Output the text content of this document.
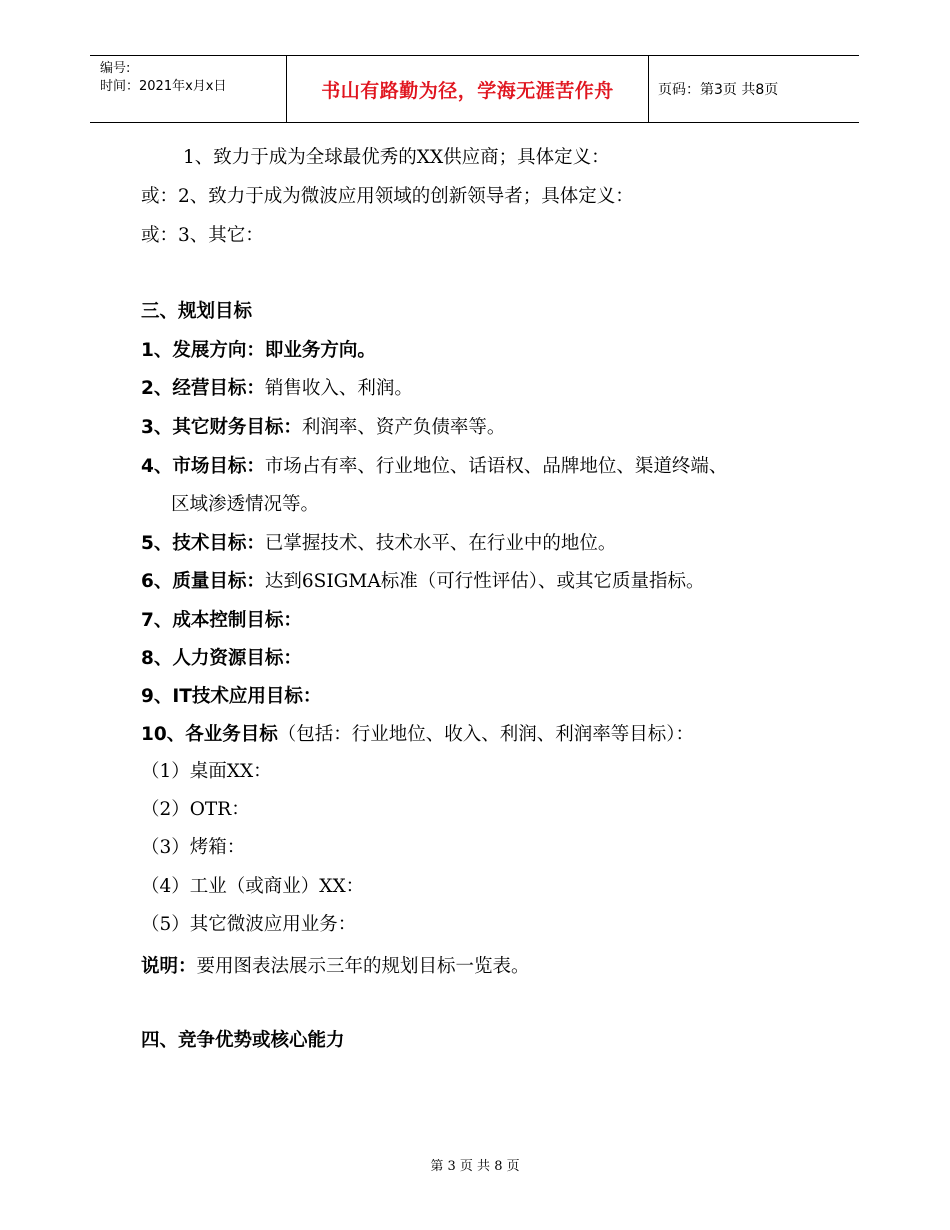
编号:
时间：2021年x月x日	书山有路勤为径，学海无涯苦作舟	页码：第3页 共8页
1、致力于成为全球最优秀的XX供应商；具体定义：
或：2、致力于成为微波应用领域的创新领导者；具体定义：
或：3、其它：
三、规划目标
1、发展方向：即业务方向。
2、经营目标：销售收入、利润。
3、其它财务目标：利润率、资产负债率等。
4、市场目标：市场占有率、行业地位、话语权、品牌地位、渠道终端、
区域渗透情况等。
5、技术目标：已掌握技术、技术水平、在行业中的地位。
6、质量目标：达到6SIGMA标准（可行性评估）、或其它质量指标。
7、成本控制目标：
8、人力资源目标：
9、IT技术应用目标：
10、各业务目标（包括：行业地位、收入、利润、利润率等目标）：
（1）桌面XX：
（2）OTR：
（3）烤箱：
（4）工业（或商业）XX：
（5）其它微波应用业务：
说明：要用图表法展示三年的规划目标一览表。
四、竞争优势或核心能力
第 3 页 共 8 页
